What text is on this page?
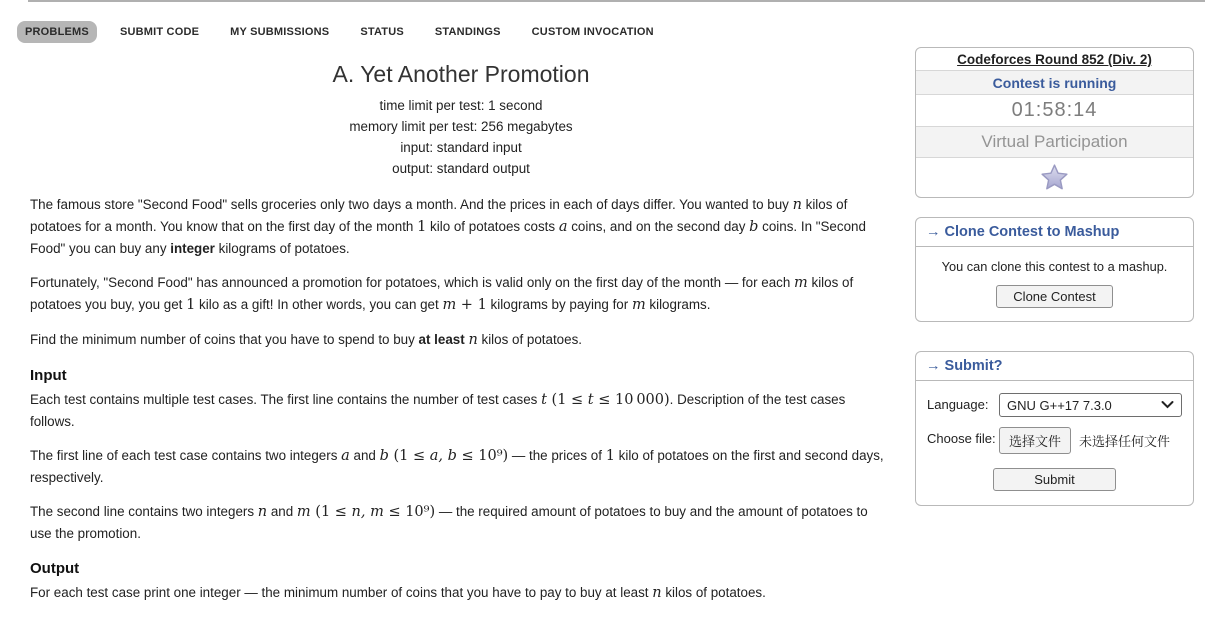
PROBLEMS	SUBMIT CODE	MY SUBMISSIONS	STATUS	STANDINGS	CUSTOM INVOCATION
A. Yet Another Promotion
time limit per test: 1 second
memory limit per test: 256 megabytes
input: standard input
output: standard output

The famous store "Second Food" sells groceries only two days a month. And the prices in each of days differ. You wanted to buy n kilos of potatoes for a month. You know that on the first day of the month 1 kilo of potatoes costs a coins, and on the second day b coins. In "Second Food" you can buy any integer kilograms of potatoes.

Fortunately, "Second Food" has announced a promotion for potatoes, which is valid only on the first day of the month — for each m kilos of potatoes you buy, you get 1 kilo as a gift! In other words, you can get m + 1 kilograms by paying for m kilograms.

Find the minimum number of coins that you have to spend to buy at least n kilos of potatoes.

Input

Each test contains multiple test cases. The first line contains the number of test cases t (1 ≤ t ≤ 10 000). Description of the test cases follows.

The first line of each test case contains two integers a and b (1 ≤ a, b ≤ 10⁹) — the prices of 1 kilo of potatoes on the first and second days, respectively.

The second line contains two integers n and m (1 ≤ n, m ≤ 10⁹) — the required amount of potatoes to buy and the amount of potatoes to use the promotion.

Output

For each test case print one integer — the minimum number of coins that you have to pay to buy at least n kilos of potatoes.

Codeforces Round 852 (Div. 2)
Contest is running
01:58:14
Virtual Participation
→ Clone Contest to Mashup
You can clone this contest to a mashup.
Clone Contest
→ Submit?
Language:	GNU G++17 7.3.0
Choose file:	选择文件	未选择任何文件
Submit
